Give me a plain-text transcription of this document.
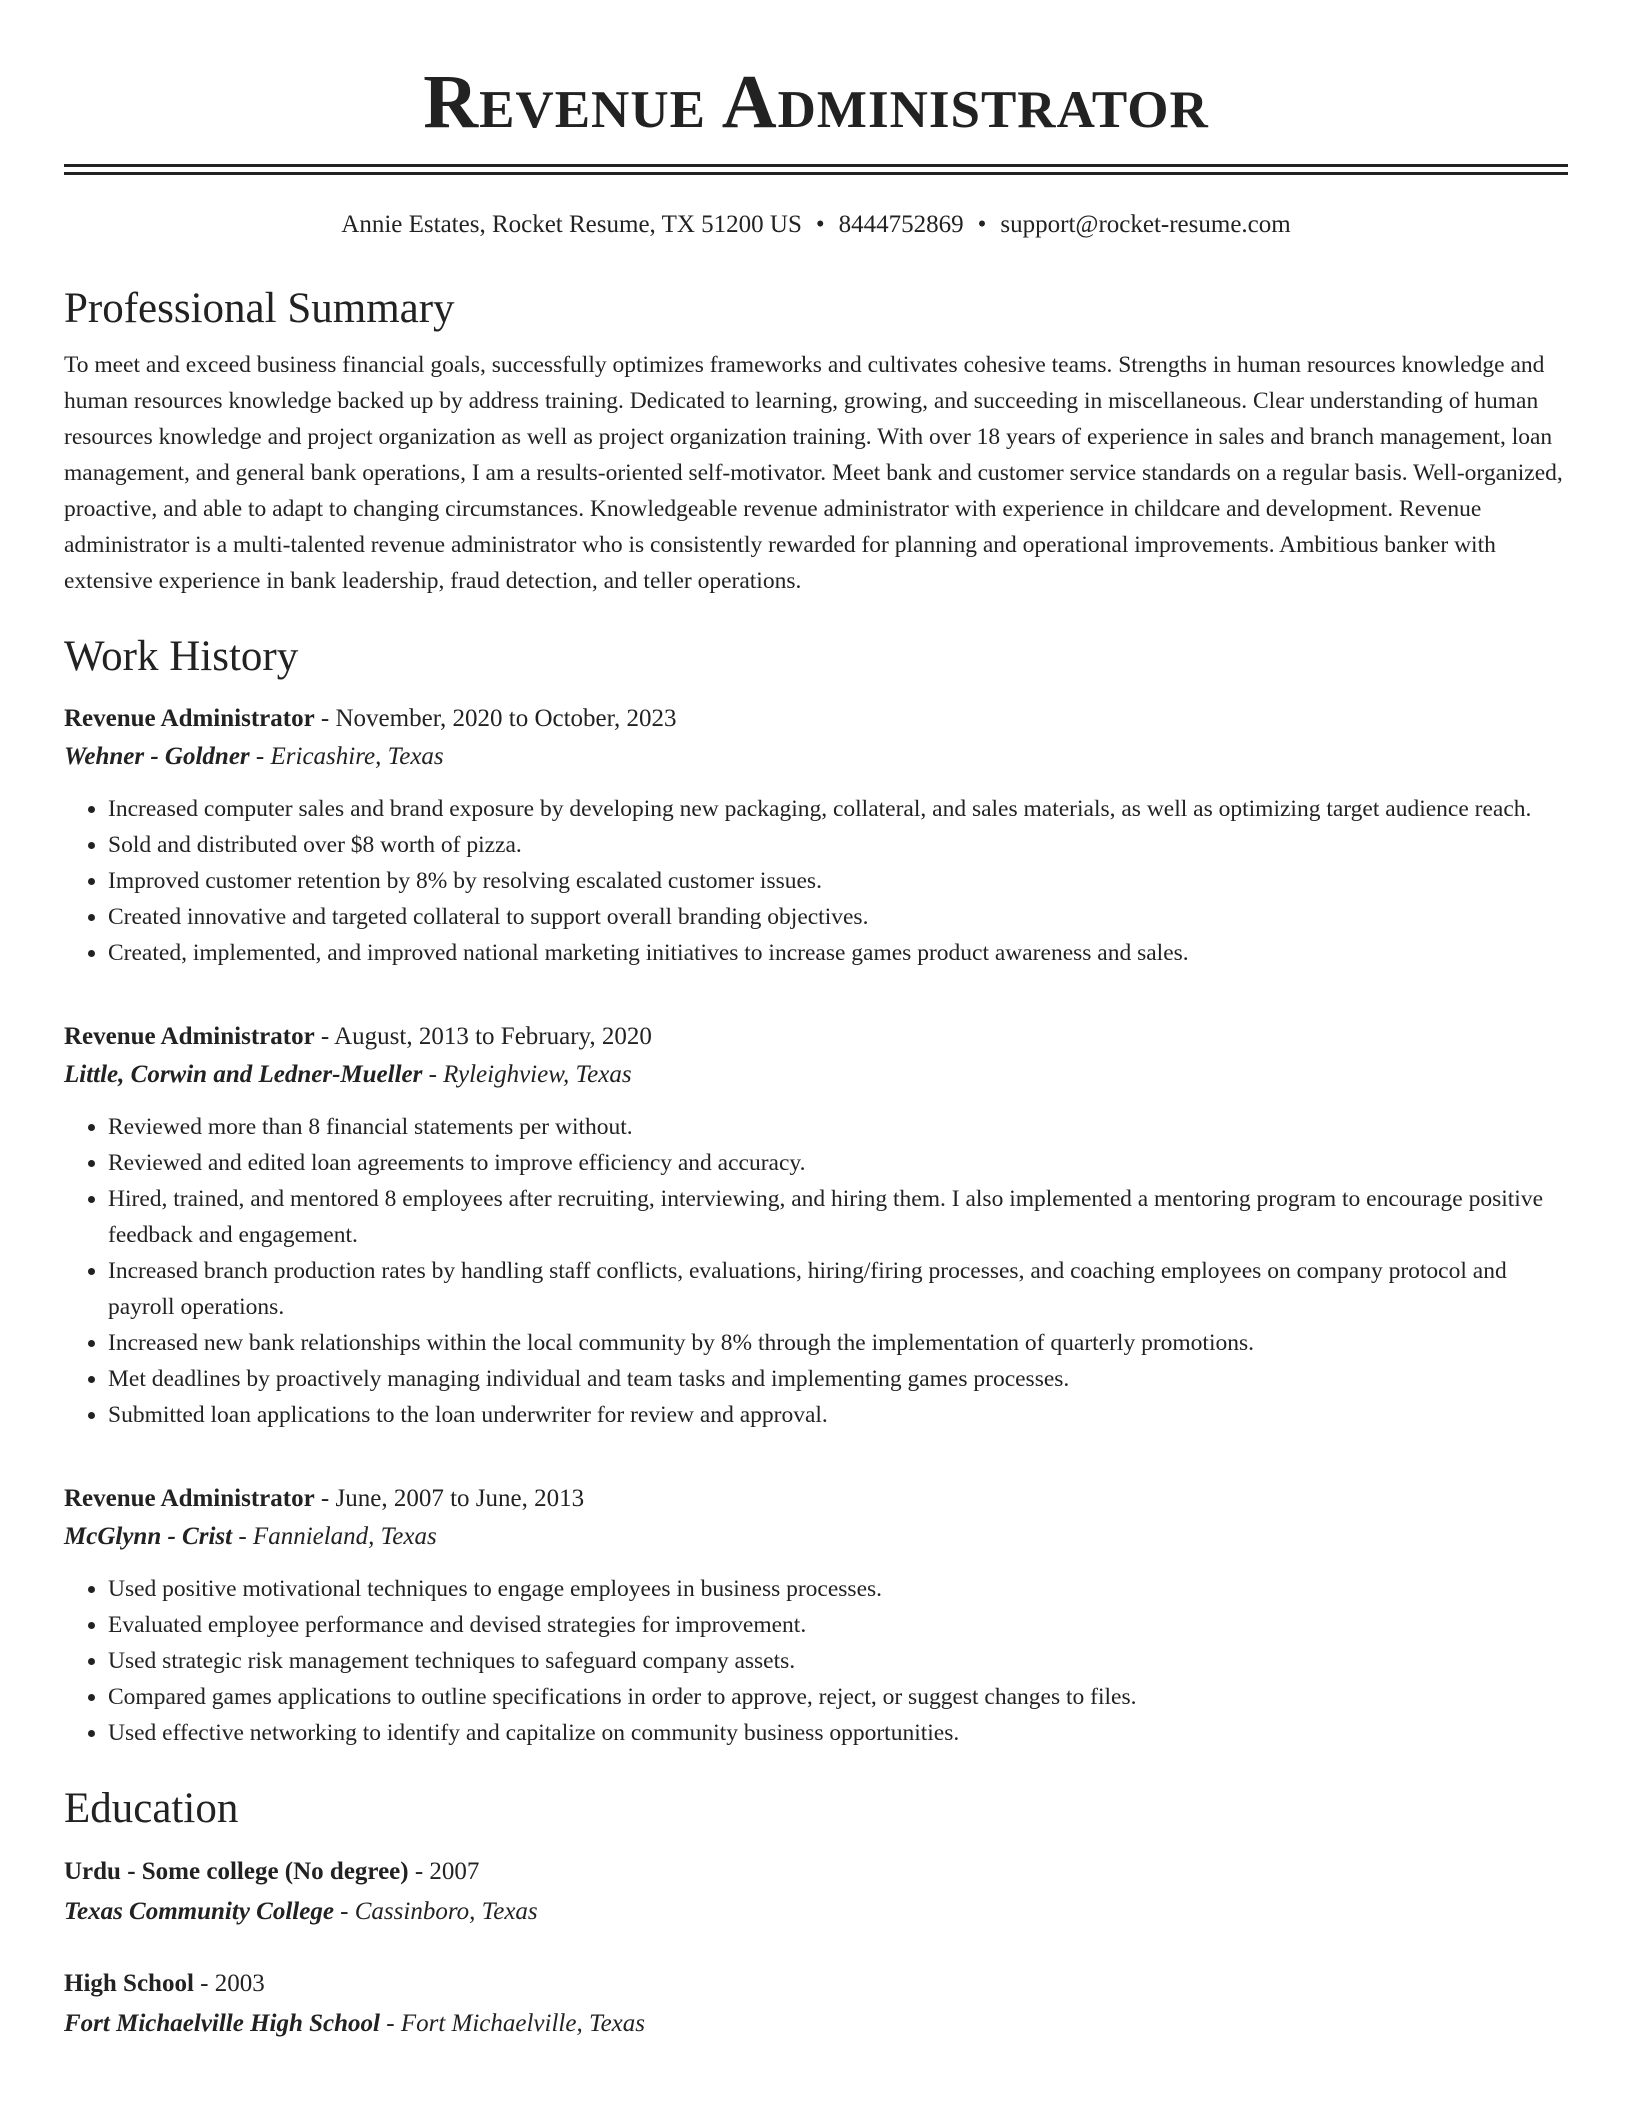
Revenue Administrator
Annie Estates, Rocket Resume, TX 51200 US • 8444752869 • support@rocket-resume.com
Professional Summary

To meet and exceed business financial goals, successfully optimizes frameworks and cultivates cohesive teams. Strengths in human resources knowledge and human resources knowledge backed up by address training. Dedicated to learning, growing, and succeeding in miscellaneous. Clear understanding of human resources knowledge and project organization as well as project organization training. With over 18 years of experience in sales and branch management, loan management, and general bank operations, I am a results-oriented self-motivator. Meet bank and customer service standards on a regular basis. Well-organized, proactive, and able to adapt to changing circumstances. Knowledgeable revenue administrator with experience in childcare and development. Revenue administrator is a multi-talented revenue administrator who is consistently rewarded for planning and operational improvements. Ambitious banker with extensive experience in bank leadership, fraud detection, and teller operations.

Work History
Revenue Administrator - November, 2020 to October, 2023
Wehner - Goldner - Ericashire, Texas
• Increased computer sales and brand exposure by developing new packaging, collateral, and sales materials, as well as optimizing target audience reach.
• Sold and distributed over $8 worth of pizza.
• Improved customer retention by 8% by resolving escalated customer issues.
• Created innovative and targeted collateral to support overall branding objectives.
• Created, implemented, and improved national marketing initiatives to increase games product awareness and sales.
Revenue Administrator - August, 2013 to February, 2020
Little, Corwin and Ledner-Mueller - Ryleighview, Texas
• Reviewed more than 8 financial statements per without.
• Reviewed and edited loan agreements to improve efficiency and accuracy.
• Hired, trained, and mentored 8 employees after recruiting, interviewing, and hiring them. I also implemented a mentoring program to encourage positive feedback and engagement.
• Increased branch production rates by handling staff conflicts, evaluations, hiring/firing processes, and coaching employees on company protocol and payroll operations.
• Increased new bank relationships within the local community by 8% through the implementation of quarterly promotions.
• Met deadlines by proactively managing individual and team tasks and implementing games processes.
• Submitted loan applications to the loan underwriter for review and approval.
Revenue Administrator - June, 2007 to June, 2013
McGlynn - Crist - Fannieland, Texas
• Used positive motivational techniques to engage employees in business processes.
• Evaluated employee performance and devised strategies for improvement.
• Used strategic risk management techniques to safeguard company assets.
• Compared games applications to outline specifications in order to approve, reject, or suggest changes to files.
• Used effective networking to identify and capitalize on community business opportunities.
Education
Urdu - Some college (No degree) - 2007
Texas Community College - Cassinboro, Texas
High School - 2003
Fort Michaelville High School - Fort Michaelville, Texas
